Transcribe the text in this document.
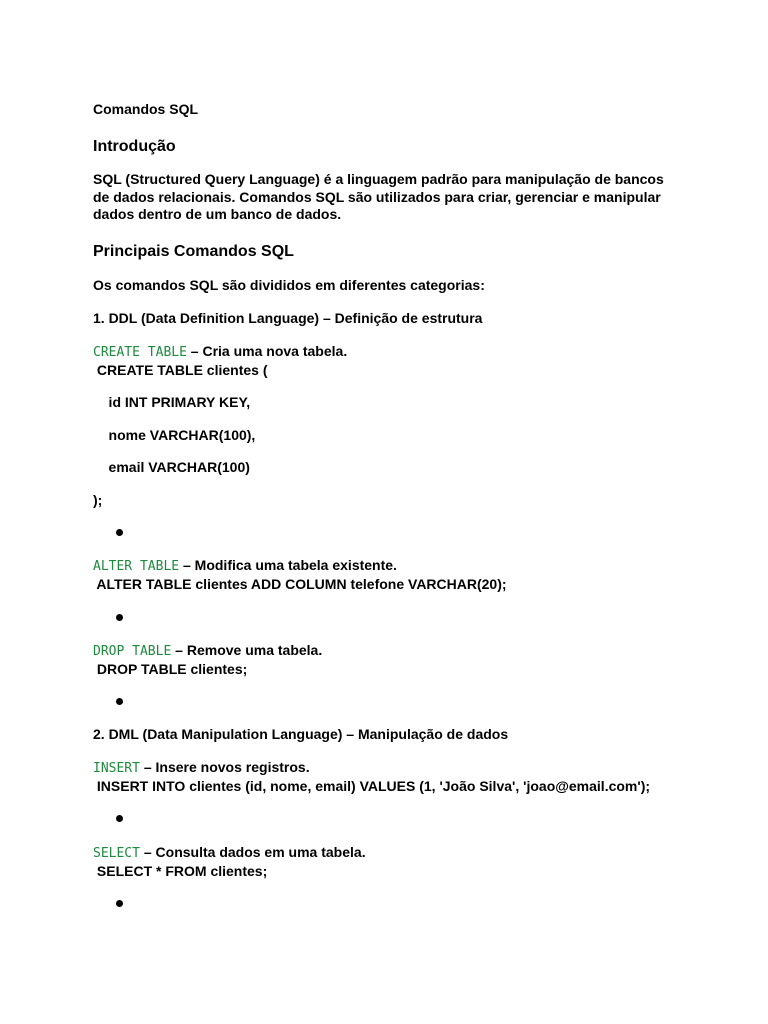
Comandos SQL
Introdução

SQL (Structured Query Language) é a linguagem padrão para manipulação de bancos de dados relacionais. Comandos SQL são utilizados para criar, gerenciar e manipular dados dentro de um banco de dados.

Principais Comandos SQL
Os comandos SQL são divididos em diferentes categorias:
1. DDL (Data Definition Language) – Definição de estrutura
CREATE TABLE – Cria uma nova tabela.
CREATE TABLE clientes (
id INT PRIMARY KEY,
nome VARCHAR(100),
email VARCHAR(100)
);
ALTER TABLE – Modifica uma tabela existente.
ALTER TABLE clientes ADD COLUMN telefone VARCHAR(20);
DROP TABLE – Remove uma tabela.
DROP TABLE clientes;
2. DML (Data Manipulation Language) – Manipulação de dados
INSERT – Insere novos registros.
INSERT INTO clientes (id, nome, email) VALUES (1, 'João Silva', 'joao@email.com');
SELECT – Consulta dados em uma tabela.
SELECT * FROM clientes;
